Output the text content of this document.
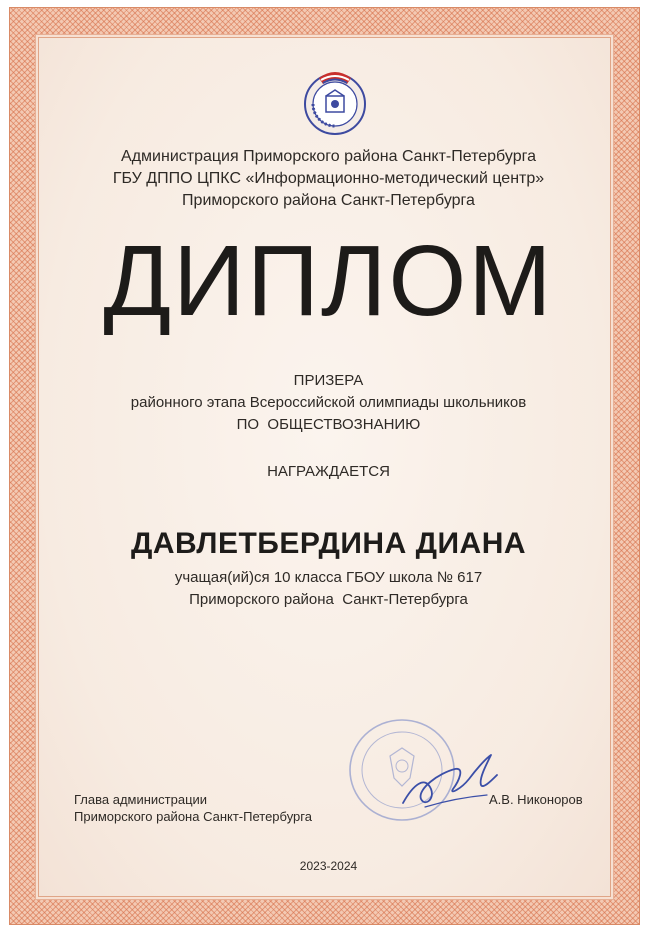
Администрация Приморского района Санкт-Петербурга
ГБУ ДППО ЦПКС «Информационно-методический центр»
Приморского района Санкт-Петербурга
ДИПЛОМ
ПРИЗЕРА
районного этапа Всероссийской олимпиады школьников
ПО  ОБЩЕСТВОЗНАНИЮ
НАГРАЖДАЕТСЯ
ДАВЛЕТБЕРДИНА ДИАНА
учащая(ий)ся 10 класса ГБОУ школа № 617
Приморского района  Санкт-Петербурга
Глава администрации
Приморского района Санкт-Петербурга
А.В. Никоноров
2023-2024
